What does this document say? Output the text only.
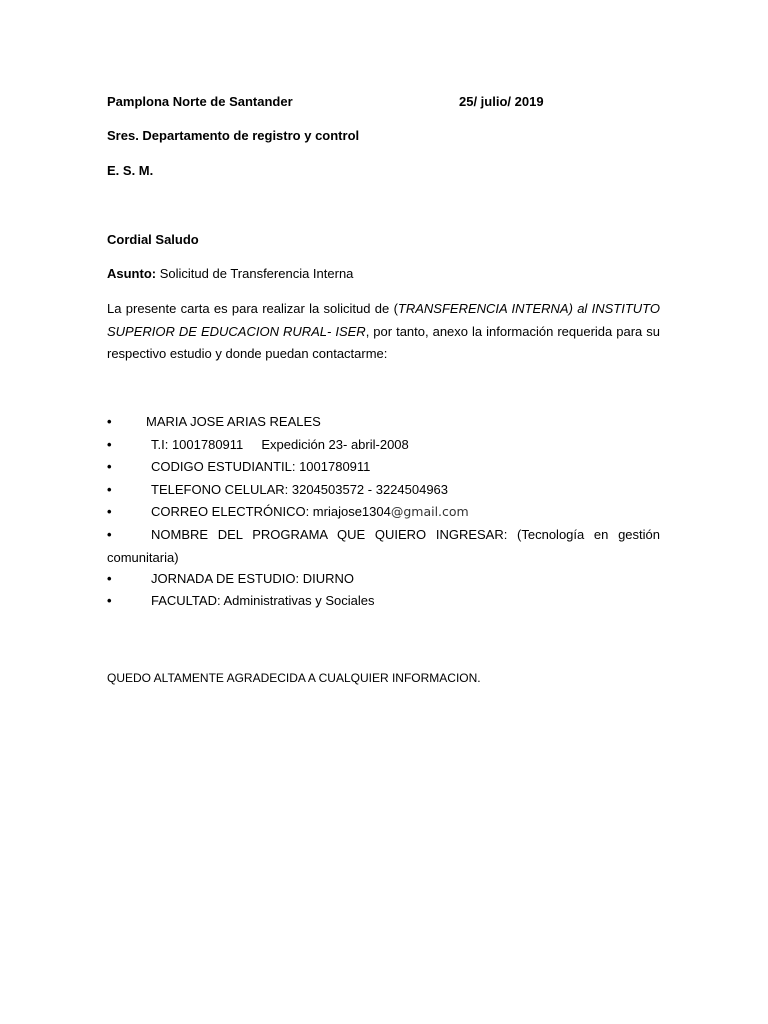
Pamplona Norte de Santander	25/ julio/ 2019
Sres. Departamento de registro y control
E. S. M.
Cordial Saludo
Asunto: Solicitud de Transferencia Interna
La presente carta es para realizar la solicitud de (TRANSFERENCIA INTERNA) al INSTITUTO SUPERIOR DE EDUCACION RURAL- ISER, por tanto, anexo la información requerida para su respectivo estudio y donde puedan contactarme:
•	MARIA JOSE ARIAS REALES
•	T.I: 1001780911     Expedición 23- abril-2008
•	CODIGO ESTUDIANTIL: 1001780911
•	TELEFONO CELULAR: 3204503572 - 3224504963
•	CORREO ELECTRÓNICO: mriajose1304@gmail.com
•	NOMBRE DEL PROGRAMA QUE QUIERO INGRESAR: (Tecnología en gestión comunitaria)
•	JORNADA DE ESTUDIO: DIURNO
•	FACULTAD: Administrativas y Sociales
QUEDO ALTAMENTE AGRADECIDA A CUALQUIER INFORMACION.
